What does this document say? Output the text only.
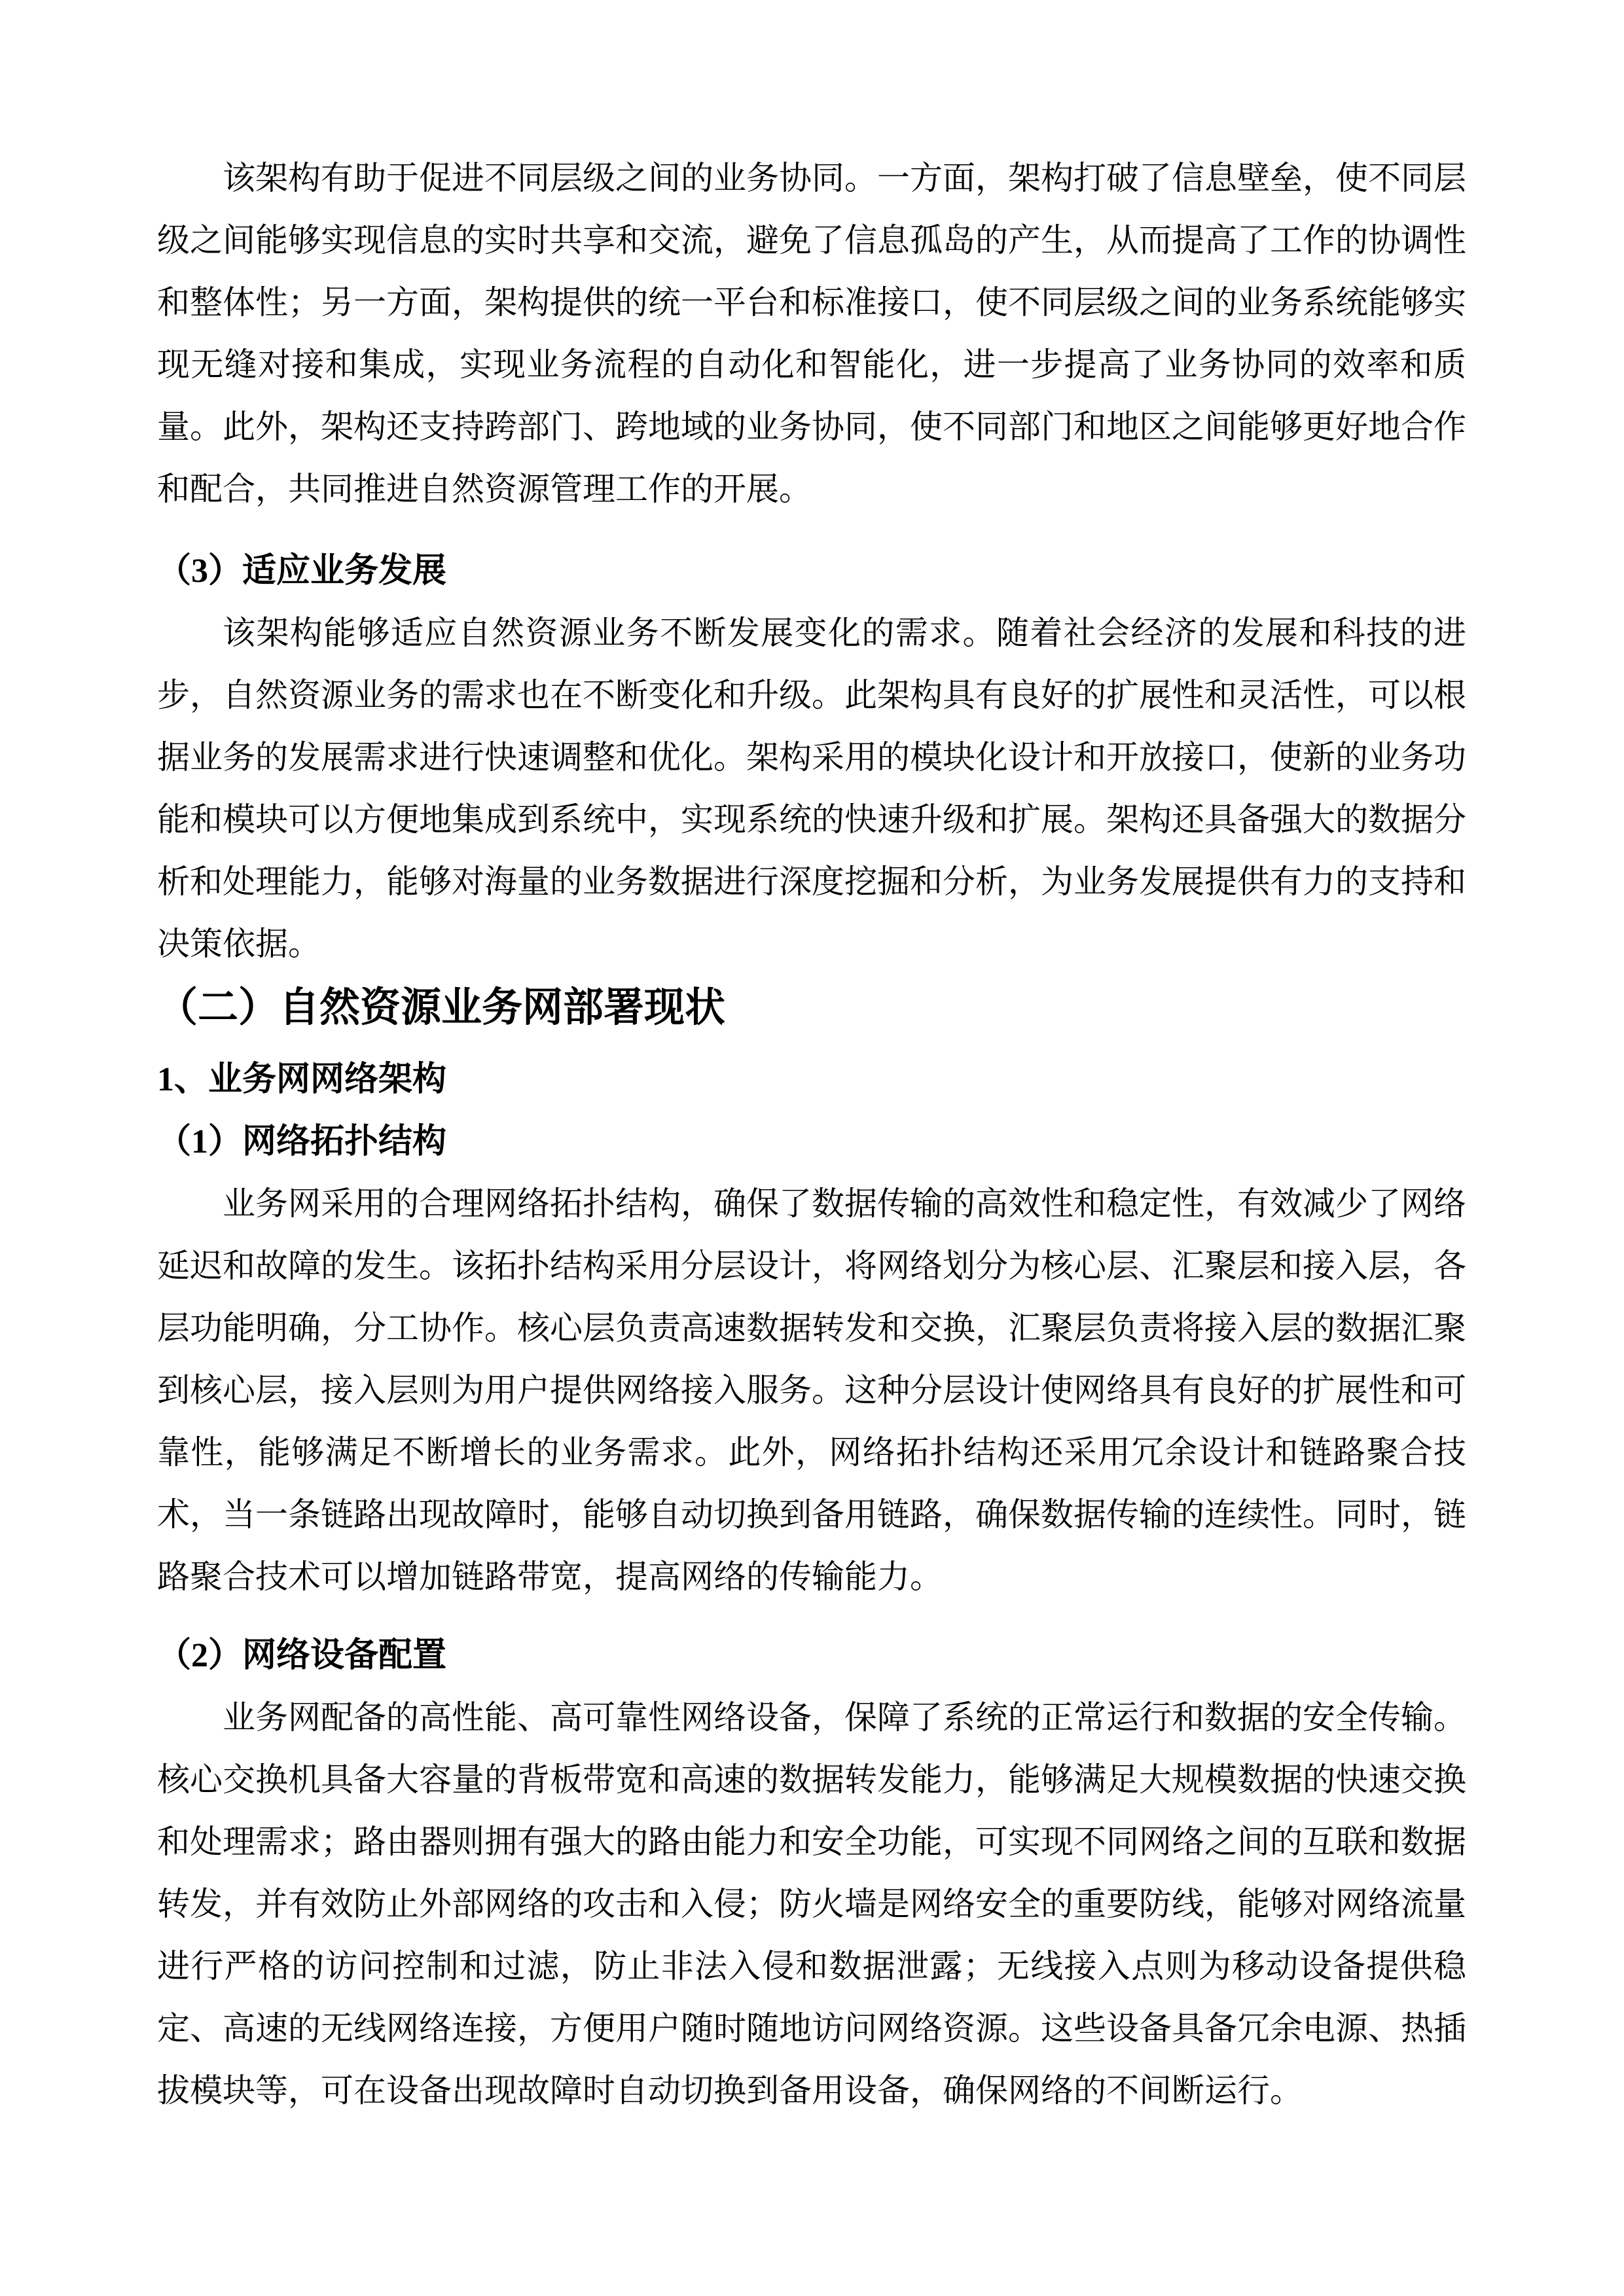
该架构有助于促进不同层级之间的业务协同。一方面，架构打破了信息壁垒，使不同层级之间能够实现信息的实时共享和交流，避免了信息孤岛的产生，从而提高了工作的协调性和整体性；另一方面，架构提供的统一平台和标准接口，使不同层级之间的业务系统能够实现无缝对接和集成，实现业务流程的自动化和智能化，进一步提高了业务协同的效率和质量。此外，架构还支持跨部门、跨地域的业务协同，使不同部门和地区之间能够更好地合作和配合，共同推进自然资源管理工作的开展。

（3）适应业务发展

该架构能够适应自然资源业务不断发展变化的需求。随着社会经济的发展和科技的进步，自然资源业务的需求也在不断变化和升级。此架构具有良好的扩展性和灵活性，可以根据业务的发展需求进行快速调整和优化。架构采用的模块化设计和开放接口，使新的业务功能和模块可以方便地集成到系统中，实现系统的快速升级和扩展。架构还具备强大的数据分析和处理能力，能够对海量的业务数据进行深度挖掘和分析，为业务发展提供有力的支持和决策依据。

（二）自然资源业务网部署现状
1、业务网网络架构
（1）网络拓扑结构

业务网采用的合理网络拓扑结构，确保了数据传输的高效性和稳定性，有效减少了网络延迟和故障的发生。该拓扑结构采用分层设计，将网络划分为核心层、汇聚层和接入层，各层功能明确，分工协作。核心层负责高速数据转发和交换，汇聚层负责将接入层的数据汇聚到核心层，接入层则为用户提供网络接入服务。这种分层设计使网络具有良好的扩展性和可靠性，能够满足不断增长的业务需求。此外，网络拓扑结构还采用冗余设计和链路聚合技术，当一条链路出现故障时，能够自动切换到备用链路，确保数据传输的连续性。同时，链路聚合技术可以增加链路带宽，提高网络的传输能力。

（2）网络设备配置

业务网配备的高性能、高可靠性网络设备，保障了系统的正常运行和数据的安全传输。核心交换机具备大容量的背板带宽和高速的数据转发能力，能够满足大规模数据的快速交换和处理需求；路由器则拥有强大的路由能力和安全功能，可实现不同网络之间的互联和数据转发，并有效防止外部网络的攻击和入侵；防火墙是网络安全的重要防线，能够对网络流量进行严格的访问控制和过滤，防止非法入侵和数据泄露；无线接入点则为移动设备提供稳定、高速的无线网络连接，方便用户随时随地访问网络资源。这些设备具备冗余电源、热插拔模块等，可在设备出现故障时自动切换到备用设备，确保网络的不间断运行。
